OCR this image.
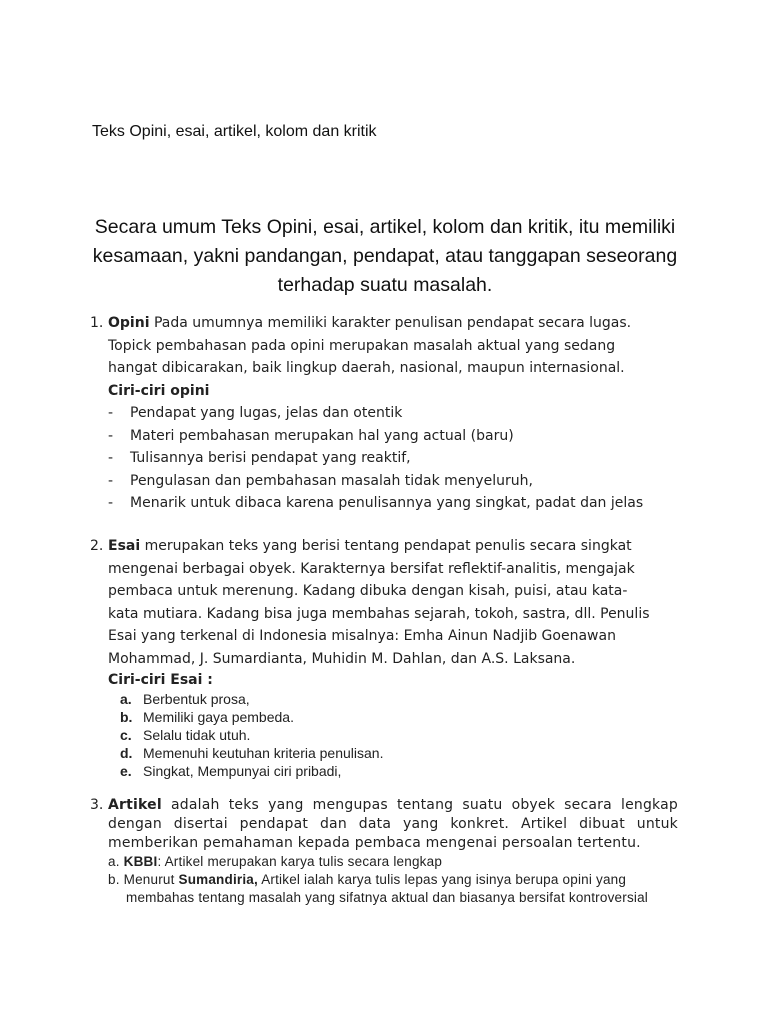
Teks Opini, esai, artikel, kolom dan kritik
Secara umum Teks Opini, esai, artikel, kolom dan kritik, itu memiliki kesamaan, yakni pandangan, pendapat, atau tanggapan seseorang terhadap suatu masalah.
1. Opini Pada umumnya memiliki karakter penulisan pendapat secara lugas.
Topick pembahasan pada opini merupakan masalah aktual yang sedang
hangat dibicarakan, baik lingkup daerah, nasional, maupun internasional.
Ciri-ciri opini
- Pendapat yang lugas, jelas dan otentik
- Materi pembahasan merupakan hal yang actual (baru)
- Tulisannya berisi pendapat yang reaktif,
- Pengulasan dan pembahasan masalah tidak menyeluruh,
- Menarik untuk dibaca karena penulisannya yang singkat, padat dan jelas
2. Esai merupakan teks yang berisi tentang pendapat penulis secara singkat
mengenai berbagai obyek. Karakternya bersifat reflektif-analitis, mengajak
pembaca untuk merenung. Kadang dibuka dengan kisah, puisi, atau kata-
kata mutiara. Kadang bisa juga membahas sejarah, tokoh, sastra, dll. Penulis
Esai yang terkenal di Indonesia misalnya: Emha Ainun Nadjib Goenawan
Mohammad, J. Sumardianta, Muhidin M. Dahlan, dan A.S. Laksana.
Ciri-ciri Esai :
a. Berbentuk prosa,
b. Memiliki gaya pembeda.
c. Selalu tidak utuh.
d. Memenuhi keutuhan kriteria penulisan.
e. Singkat, Mempunyai ciri pribadi,
3. Artikel adalah teks yang mengupas tentang suatu obyek secara lengkap
dengan disertai pendapat dan data yang konkret. Artikel dibuat untuk
memberikan pemahaman kepada pembaca mengenai persoalan tertentu.
a. KBBI: Artikel merupakan karya tulis secara lengkap
b. Menurut Sumandiria, Artikel ialah karya tulis lepas yang isinya berupa opini yang
membahas tentang masalah yang sifatnya aktual dan biasanya bersifat kontroversial
